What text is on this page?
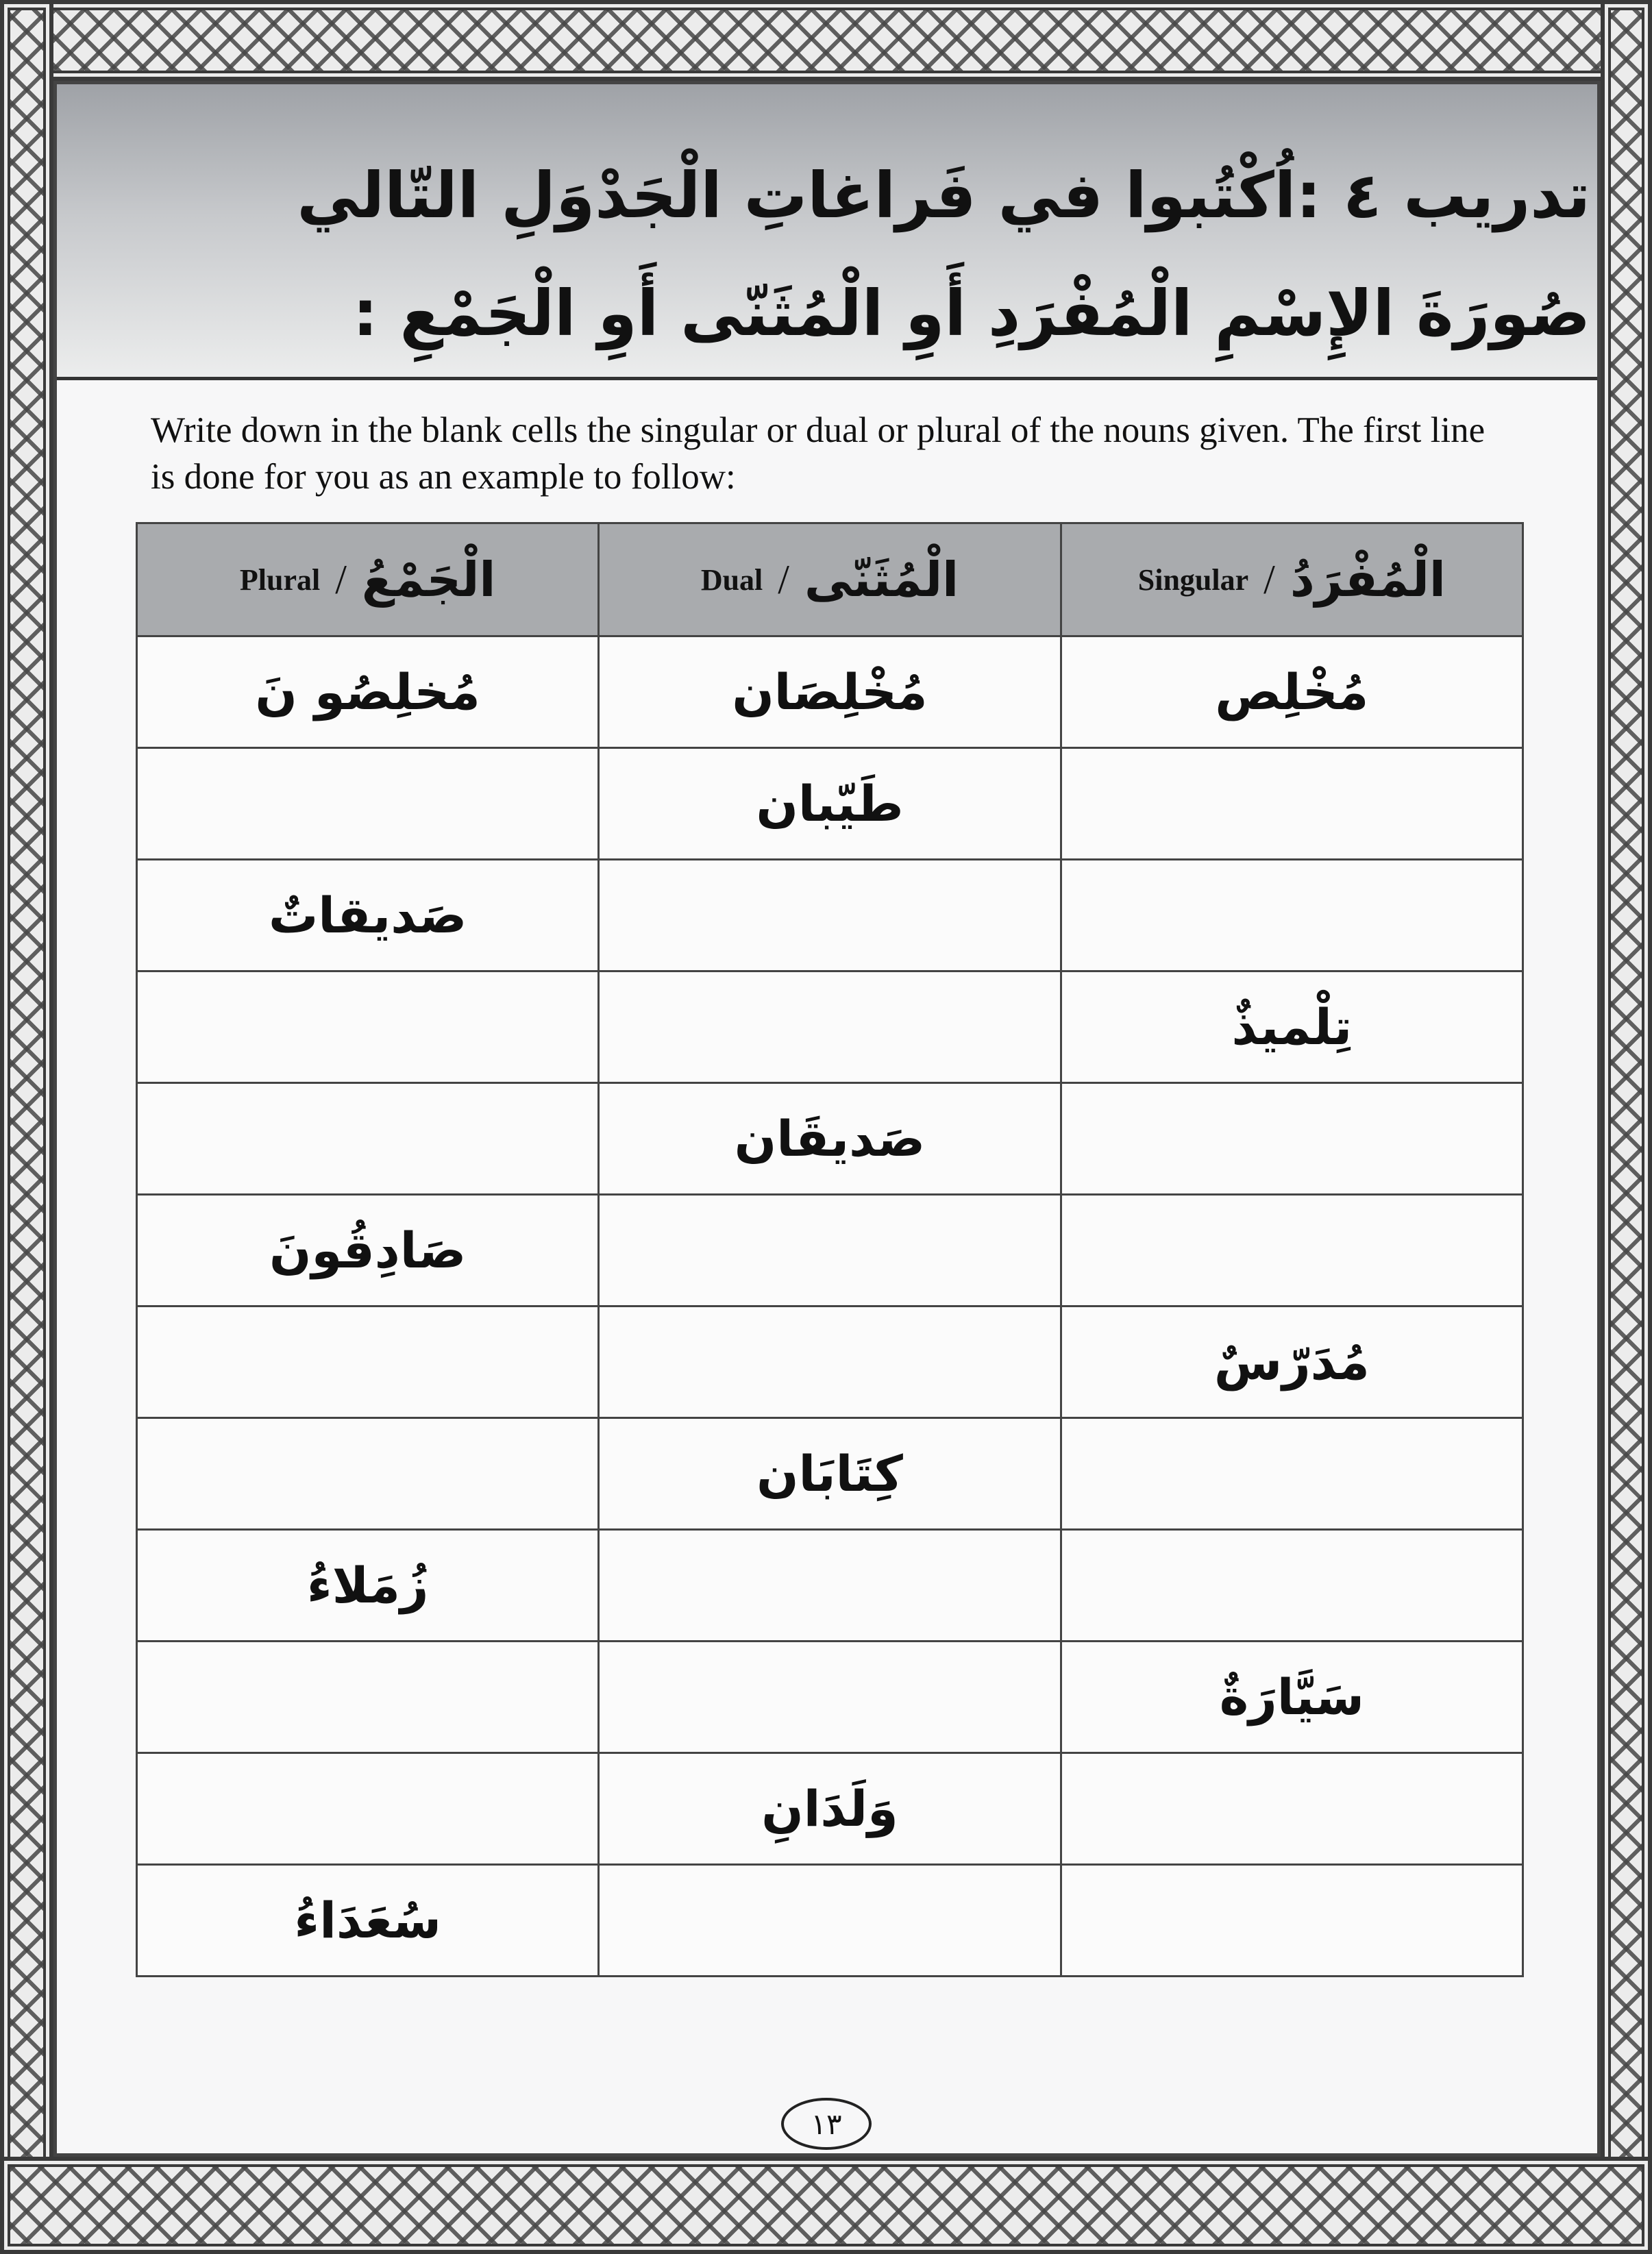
تدريب ٤ :اُكْتُبوا في فَراغاتِ الْجَدْوَلِ التّالي صُورَةَ الإِسْمِ الْمُفْرَدِ أَوِ الْمُثَنّى أَوِ الْجَمْعِ :
Write down in the blank cells the singular or dual or plural of the nouns given. The first line is done for you as an example to follow:
Plural / الْجَمْعُ	Dual / الْمُثَنّى	Singular / الْمُفْرَدُ

مُخلِصُو نَ	مُخْلِصَان	مُخْلِص
	طَيّبان	
صَديقاتٌ		
		تِلْميذٌ
	صَديقَان	
صَادِقُونَ		
		مُدَرّسٌ
	كِتَابَان	
زُمَلاءُ		
		سَيَّارَةٌ
	وَلَدَانِ	
سُعَدَاءُ		
١٣
